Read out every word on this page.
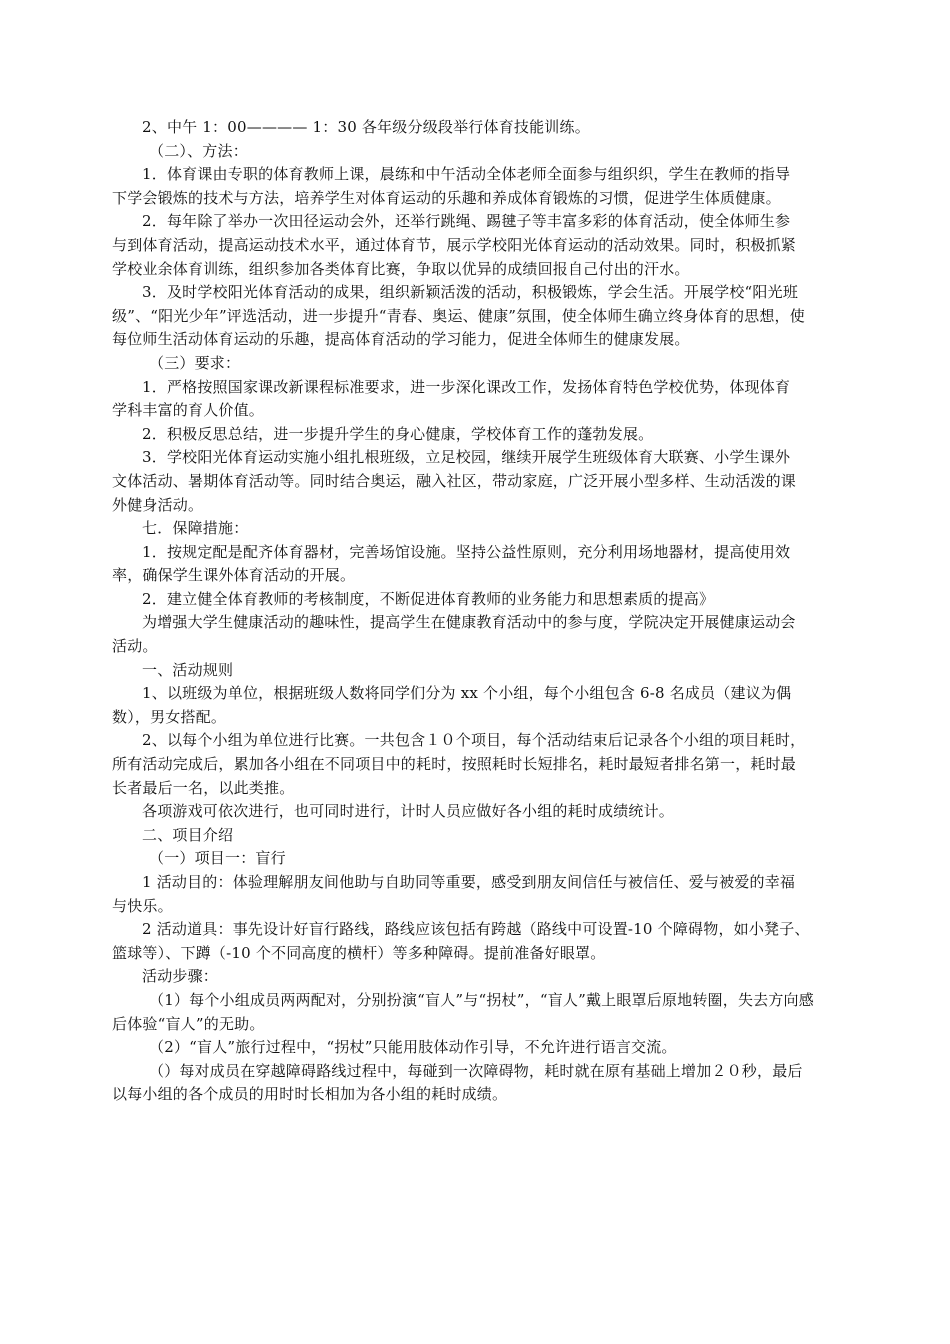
2、中午 1：00———— 1：30 各年级分级段举行体育技能训练。
（二）、方法：
1．体育课由专职的体育教师上课，晨练和中午活动全体老师全面参与组织织，学生在教师的指导
下学会锻炼的技术与方法，培养学生对体育运动的乐趣和养成体育锻炼的习惯，促进学生体质健康。
2．每年除了举办一次田径运动会外，还举行跳绳、踢毽子等丰富多彩的体育活动，使全体师生参
与到体育活动，提高运动技术水平，通过体育节，展示学校阳光体育运动的活动效果。同时，积极抓紧
学校业余体育训练，组织参加各类体育比赛，争取以优异的成绩回报自己付出的汗水。
3．及时学校阳光体育活动的成果，组织新颖活泼的活动，积极锻炼，学会生活。开展学校“阳光班
级”、“阳光少年”评选活动，进一步提升“青春、奥运、健康”氛围，使全体师生确立终身体育的思想，使
每位师生活动体育运动的乐趣，提高体育活动的学习能力，促进全体师生的健康发展。
（三）要求：
1．严格按照国家课改新课程标准要求，进一步深化课改工作，发扬体育特色学校优势，体现体育
学科丰富的育人价值。
2．积极反思总结，进一步提升学生的身心健康，学校体育工作的蓬勃发展。
3．学校阳光体育运动实施小组扎根班级，立足校园，继续开展学生班级体育大联赛、小学生课外
文体活动、暑期体育活动等。同时结合奥运，融入社区，带动家庭，广泛开展小型多样、生动活泼的课
外健身活动。
七．保障措施：
1．按规定配是配齐体育器材，完善场馆设施。坚持公益性原则，充分利用场地器材，提高使用效
率，确保学生课外体育活动的开展。
2．建立健全体育教师的考核制度，不断促进体育教师的业务能力和思想素质的提高》
为增强大学生健康活动的趣味性，提高学生在健康教育活动中的参与度，学院决定开展健康运动会
活动。
一、活动规则
1、以班级为单位，根据班级人数将同学们分为 xx 个小组，每个小组包含 6-8 名成员（建议为偶
数），男女搭配。
2、以每个小组为单位进行比赛。一共包含１０个项目，每个活动结束后记录各个小组的项目耗时，
所有活动完成后，累加各小组在不同项目中的耗时，按照耗时长短排名，耗时最短者排名第一，耗时最
长者最后一名，以此类推。
各项游戏可依次进行，也可同时进行，计时人员应做好各小组的耗时成绩统计。
二、项目介绍
（一）项目一：盲行
1 活动目的：体验理解朋友间他助与自助同等重要，感受到朋友间信任与被信任、爱与被爱的幸福
与快乐。
2 活动道具：事先设计好盲行路线，路线应该包括有跨越（路线中可设置-10 个障碍物，如小凳子、
篮球等）、下蹲（-10 个不同高度的横杆）等多种障碍。提前准备好眼罩。
活动步骤：
（1）每个小组成员两两配对，分别扮演“盲人”与“拐杖”，“盲人”戴上眼罩后原地转圈，失去方向感
后体验“盲人”的无助。
（2）“盲人”旅行过程中，“拐杖”只能用肢体动作引导，不允许进行语言交流。
（）每对成员在穿越障碍路线过程中，每碰到一次障碍物，耗时就在原有基础上增加２０秒，最后
以每小组的各个成员的用时时长相加为各小组的耗时成绩。
